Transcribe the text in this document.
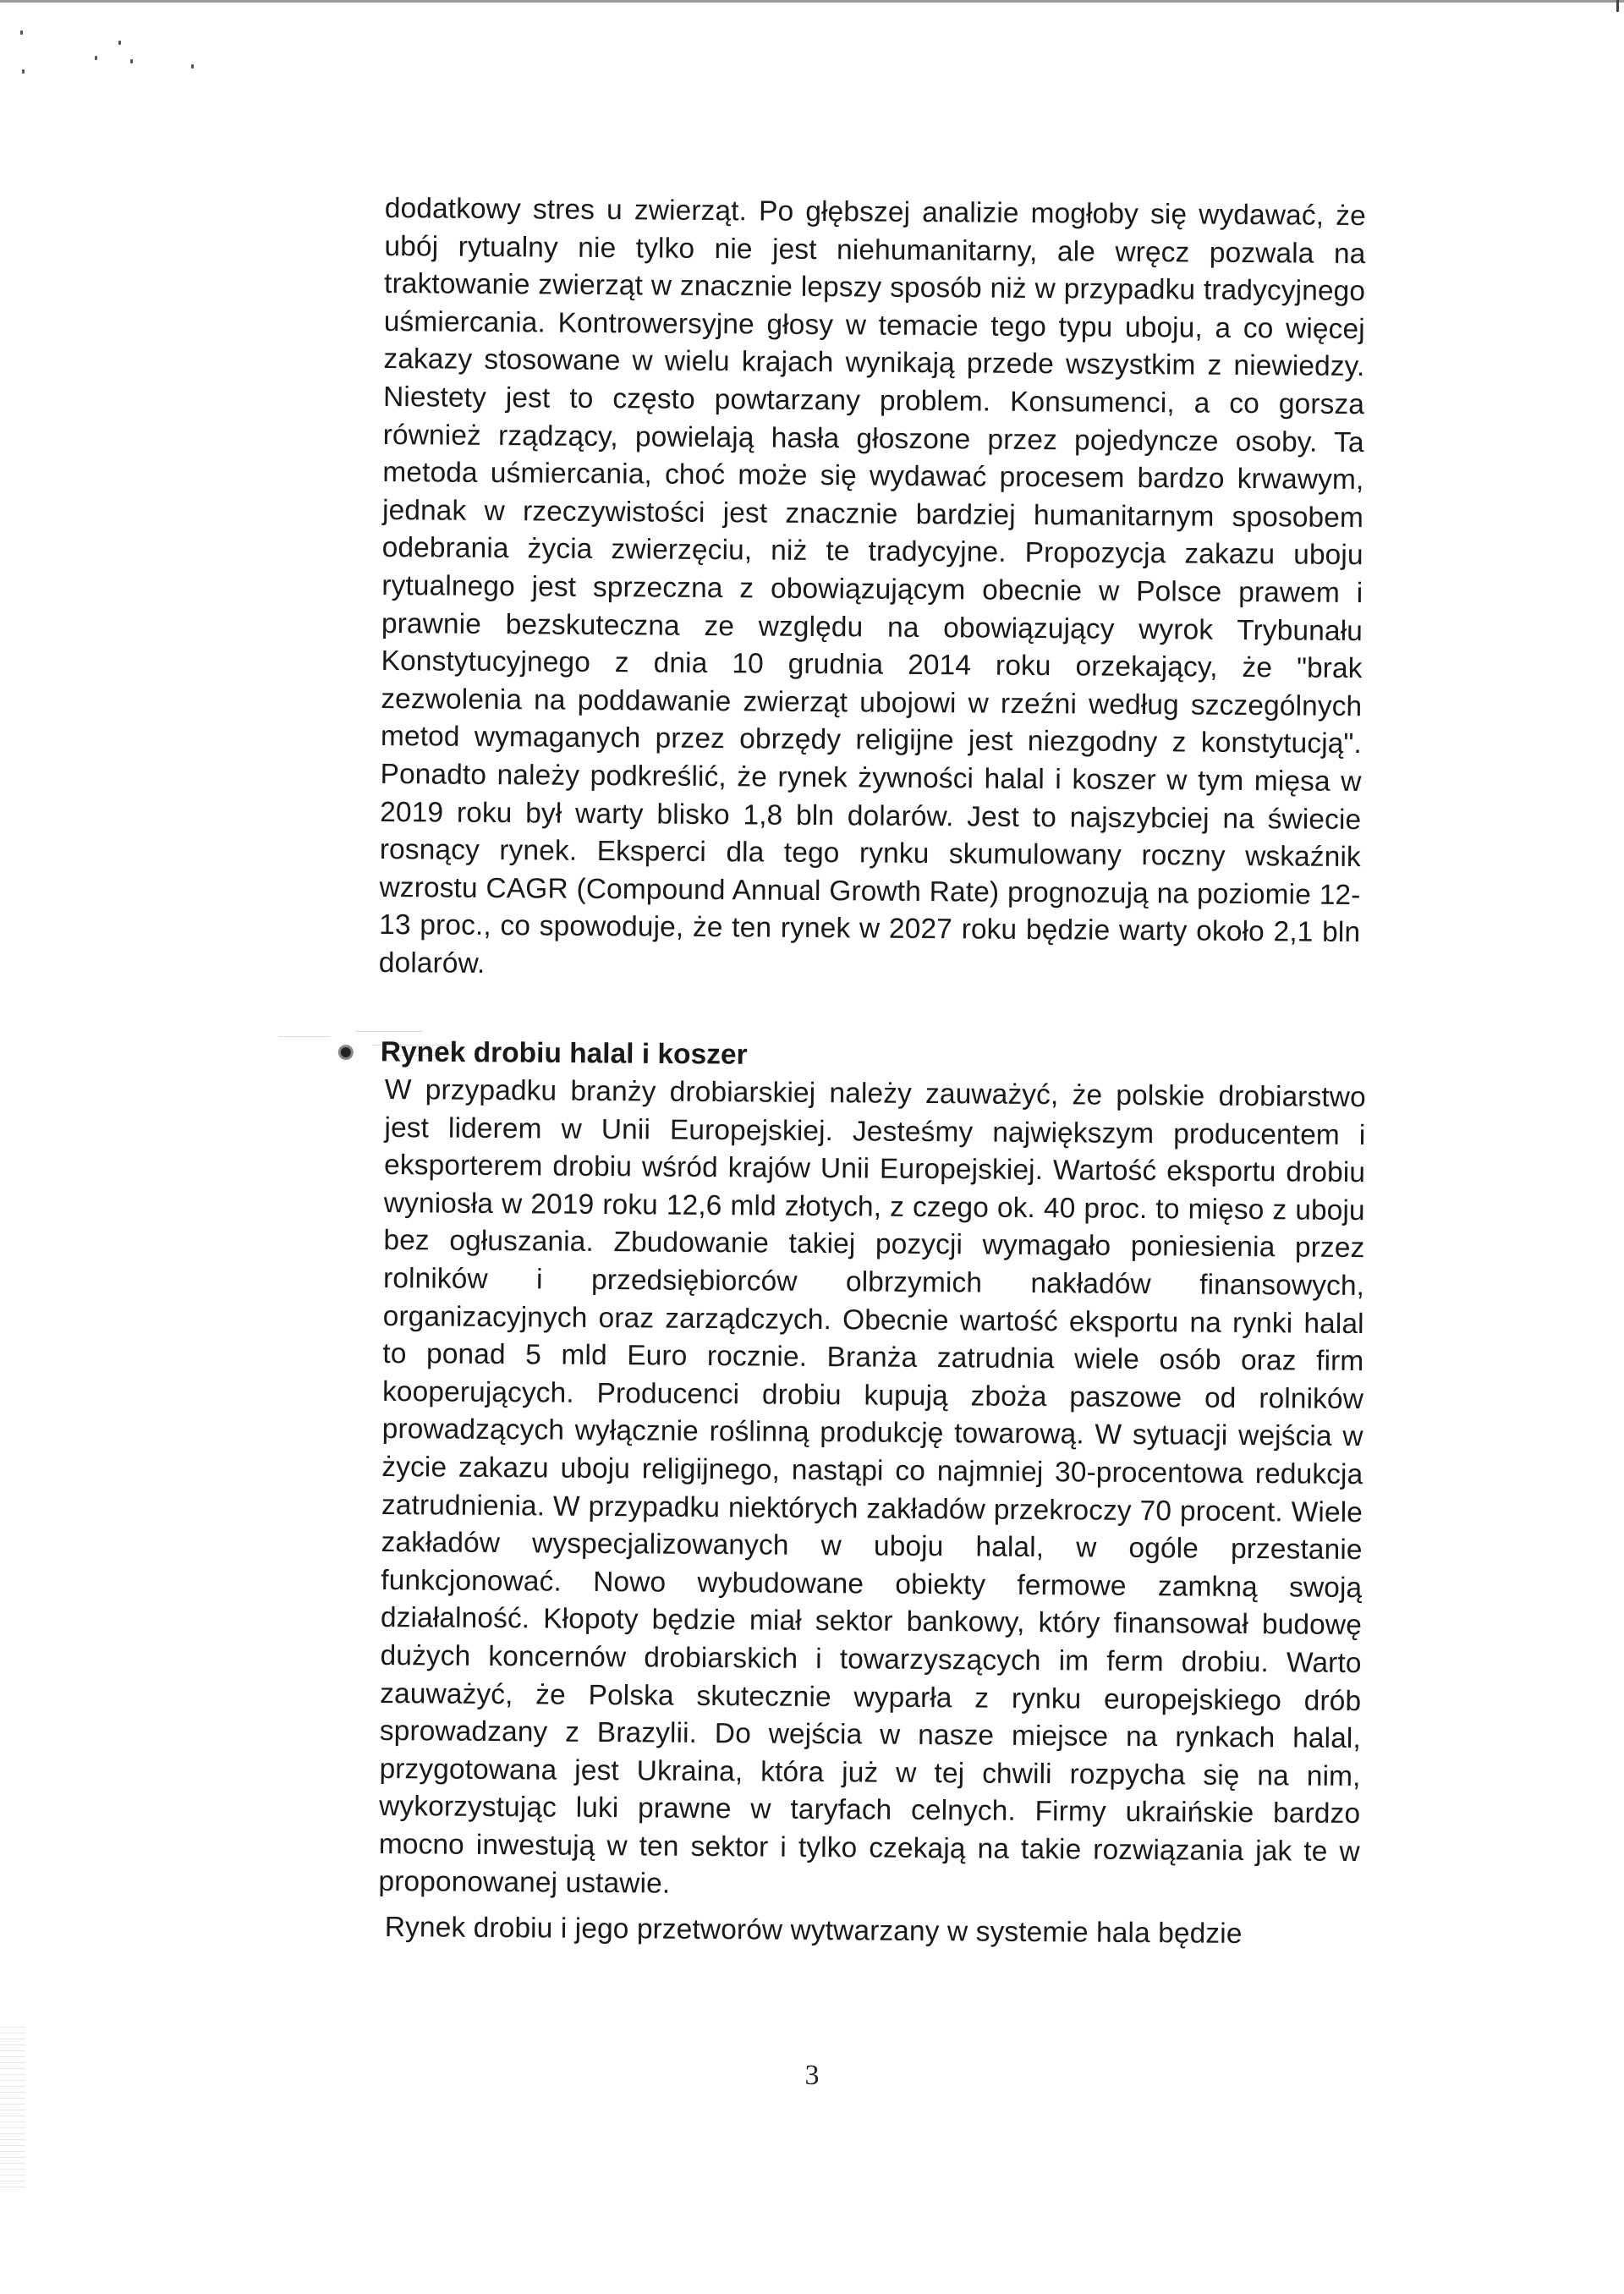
dodatkowy stres u zwierząt. Po głębszej analizie mogłoby się wydawać, że ubój rytualny nie tylko nie jest niehumanitarny, ale wręcz pozwala na traktowanie zwierząt w znacznie lepszy sposób niż w przypadku tradycyjnego uśmiercania. Kontrowersyjne głosy w temacie tego typu uboju, a co więcej zakazy stosowane w wielu krajach wynikają przede wszystkim z niewiedzy. Niestety jest to często powtarzany problem. Konsumenci, a co gorsza również rządzący, powielają hasła głoszone przez pojedyncze osoby. Ta metoda uśmiercania, choć może się wydawać procesem bardzo krwawym, jednak w rzeczywistości jest znacznie bardziej humanitarnym sposobem odebrania życia zwierzęciu, niż te tradycyjne. Propozycja zakazu uboju rytualnego jest sprzeczna z obowiązującym obecnie w Polsce prawem i prawnie bezskuteczna ze względu na obowiązujący wyrok Trybunału Konstytucyjnego z dnia 10 grudnia 2014 roku orzekający, że "brak zezwolenia na poddawanie zwierząt ubojowi w rzeźni według szczególnych metod wymaganych przez obrzędy religijne jest niezgodny z konstytucją". Ponadto należy podkreślić, że rynek żywności halal i koszer w tym mięsa w 2019 roku był warty blisko 1,8 bln dolarów. Jest to najszybciej na świecie rosnący rynek. Eksperci dla tego rynku skumulowany roczny wskaźnik wzrostu CAGR (Compound Annual Growth Rate) prognozują na poziomie 12-13 proc., co spowoduje, że ten rynek w 2027 roku będzie warty około 2,1 bln dolarów.

Rynek drobiu halal i koszer

W przypadku branży drobiarskiej należy zauważyć, że polskie drobiarstwo jest liderem w Unii Europejskiej. Jesteśmy największym producentem i eksporterem drobiu wśród krajów Unii Europejskiej. Wartość eksportu drobiu wyniosła w 2019 roku 12,6 mld złotych, z czego ok. 40 proc. to mięso z uboju bez ogłuszania. Zbudowanie takiej pozycji wymagało poniesienia przez rolników i przedsiębiorców olbrzymich nakładów finansowych, organizacyjnych oraz zarządczych. Obecnie wartość eksportu na rynki halal to ponad 5 mld Euro rocznie. Branża zatrudnia wiele osób oraz firm kooperujących. Producenci drobiu kupują zboża paszowe od rolników prowadzących wyłącznie roślinną produkcję towarową. W sytuacji wejścia w życie zakazu uboju religijnego, nastąpi co najmniej 30-procentowa redukcja zatrudnienia. W przypadku niektórych zakładów przekroczy 70 procent. Wiele zakładów wyspecjalizowanych w uboju halal, w ogóle przestanie funkcjonować. Nowo wybudowane obiekty fermowe zamkną swoją działalność. Kłopoty będzie miał sektor bankowy, który finansował budowę dużych koncernów drobiarskich i towarzyszących im ferm drobiu. Warto zauważyć, że Polska skutecznie wyparła z rynku europejskiego drób sprowadzany z Brazylii. Do wejścia w nasze miejsce na rynkach halal, przygotowana jest Ukraina, która już w tej chwili rozpycha się na nim, wykorzystując luki prawne w taryfach celnych. Firmy ukraińskie bardzo mocno inwestują w ten sektor i tylko czekają na takie rozwiązania jak te w proponowanej ustawie.

Rynek drobiu i jego przetworów wytwarzany w systemie hala będzie

3
